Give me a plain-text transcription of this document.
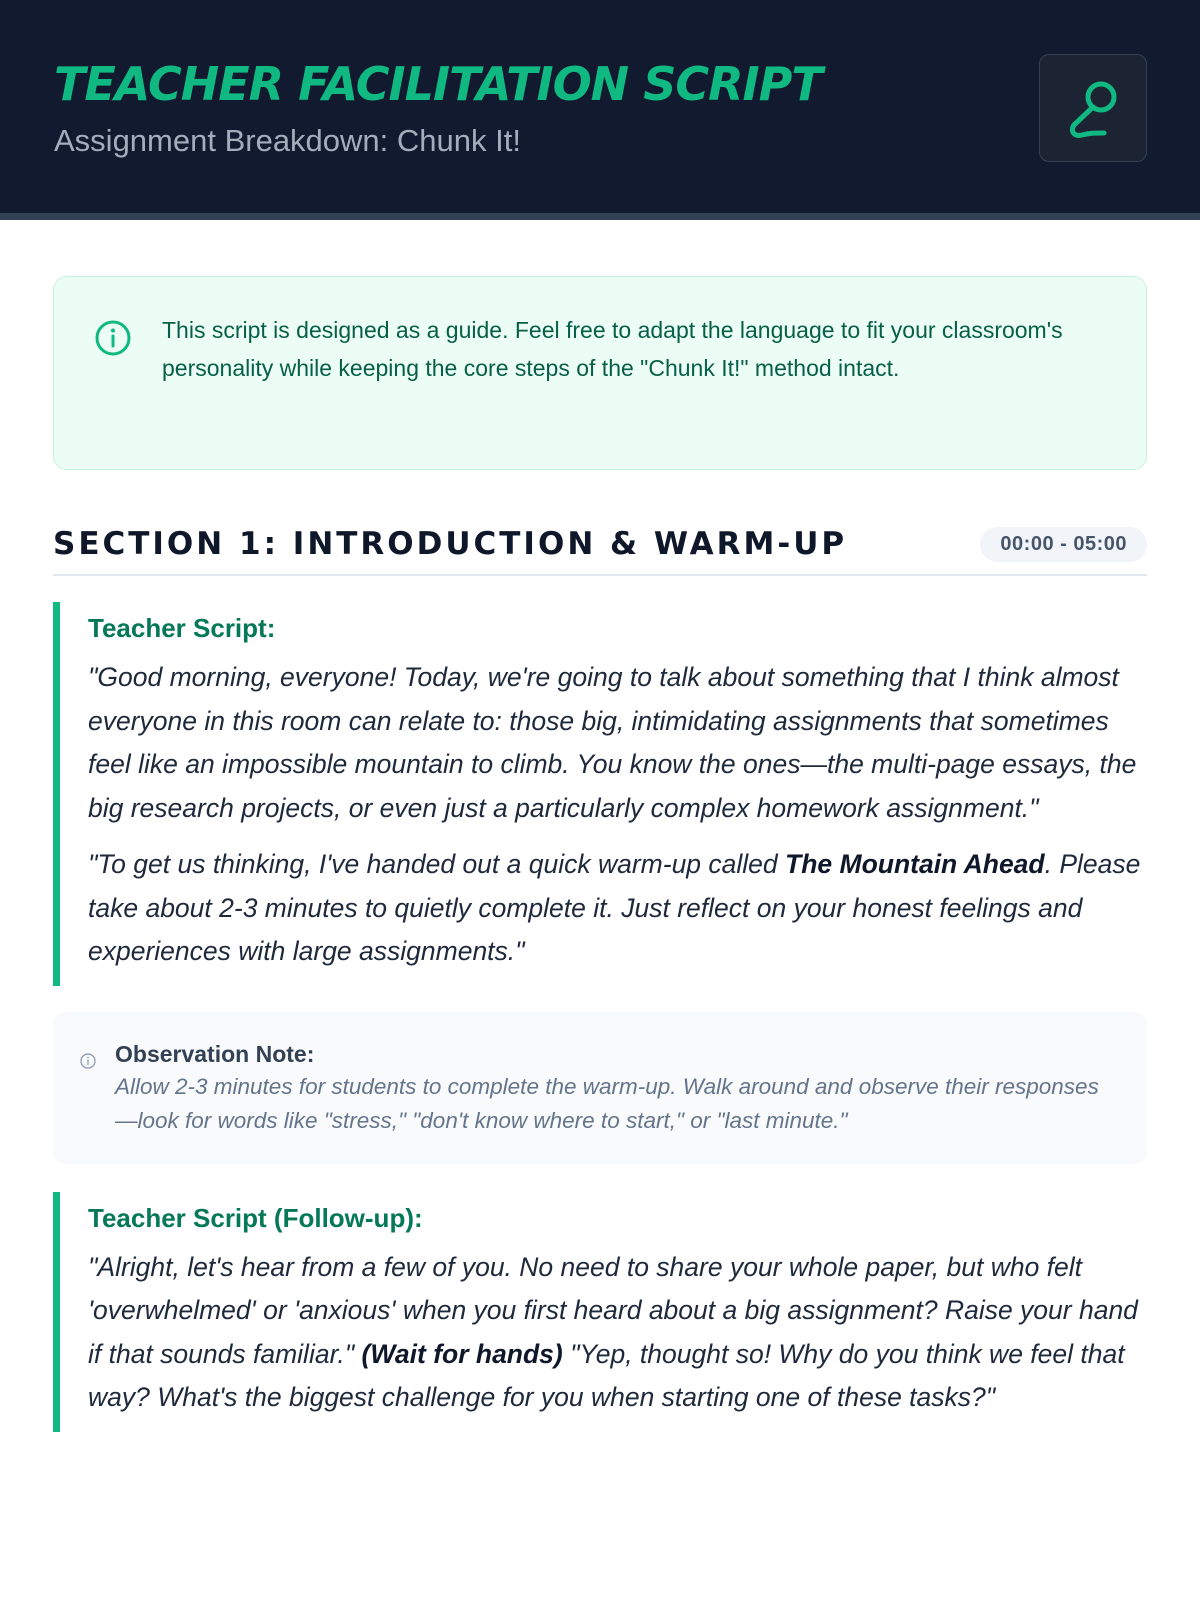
TEACHER FACILITATION SCRIPT
Assignment Breakdown: Chunk It!
This script is designed as a guide. Feel free to adapt the language to fit your classroom's personality while keeping the core steps of the "Chunk It!" method intact.
SECTION 1: INTRODUCTION & WARM-UP	00:00 - 05:00
Teacher Script:

"Good morning, everyone! Today, we're going to talk about something that I think almost everyone in this room can relate to: those big, intimidating assignments that sometimes feel like an impossible mountain to climb. You know the ones—the multi-page essays, the big research projects, or even just a particularly complex homework assignment."

"To get us thinking, I've handed out a quick warm-up called The Mountain Ahead. Please take about 2-3 minutes to quietly complete it. Just reflect on your honest feelings and experiences with large assignments."

Observation Note:
Allow 2-3 minutes for students to complete the warm-up. Walk around and observe their responses—look for words like "stress," "don't know where to start," or "last minute."
Teacher Script (Follow-up):

"Alright, let's hear from a few of you. No need to share your whole paper, but who felt 'overwhelmed' or 'anxious' when you first heard about a big assignment? Raise your hand if that sounds familiar." (Wait for hands) "Yep, thought so! Why do you think we feel that way? What's the biggest challenge for you when starting one of these tasks?"
